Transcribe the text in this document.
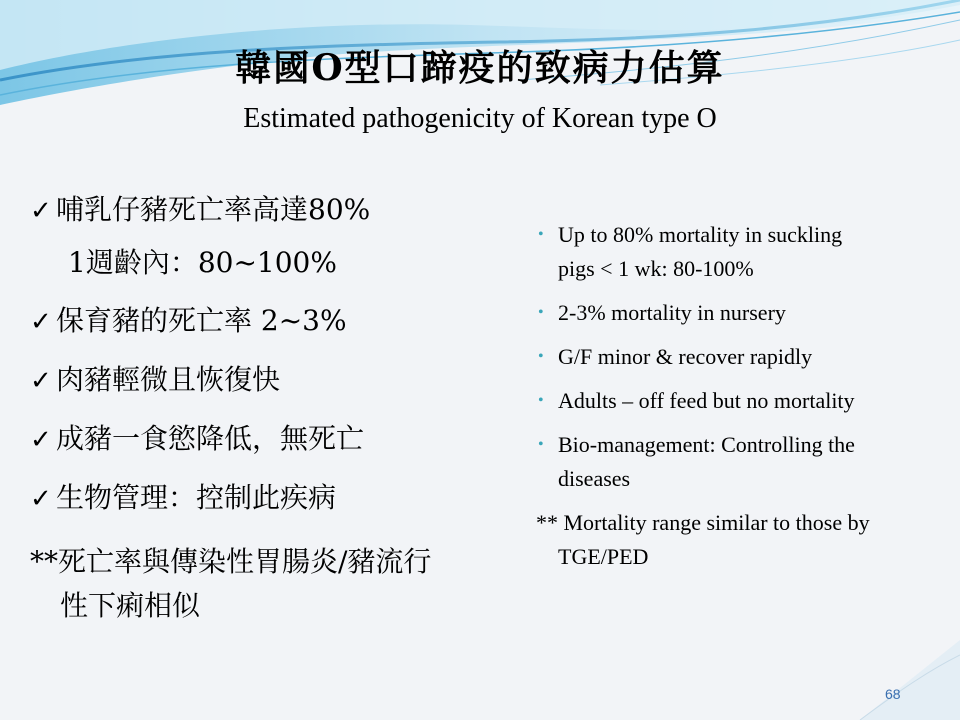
韓國O型口蹄疫的致病力估算
Estimated pathogenicity of Korean type O
✓ 哺乳仔豬死亡率高達80%
1週齡內：80~100%
✓ 保育豬的死亡率 2~3%
✓ 肉豬輕微且恢復快
✓ 成豬一食慾降低，無死亡
✓ 生物管理：控制此疾病
**死亡率與傳染性胃腸炎/豬流行
性下痢相似
• Up to 80% mortality in suckling
pigs < 1 wk: 80-100%
• 2-3% mortality in nursery
• G/F minor & recover rapidly
• Adults – off feed but no mortality
• Bio-management: Controlling the
diseases
** Mortality range similar to those by
TGE/PED
68
